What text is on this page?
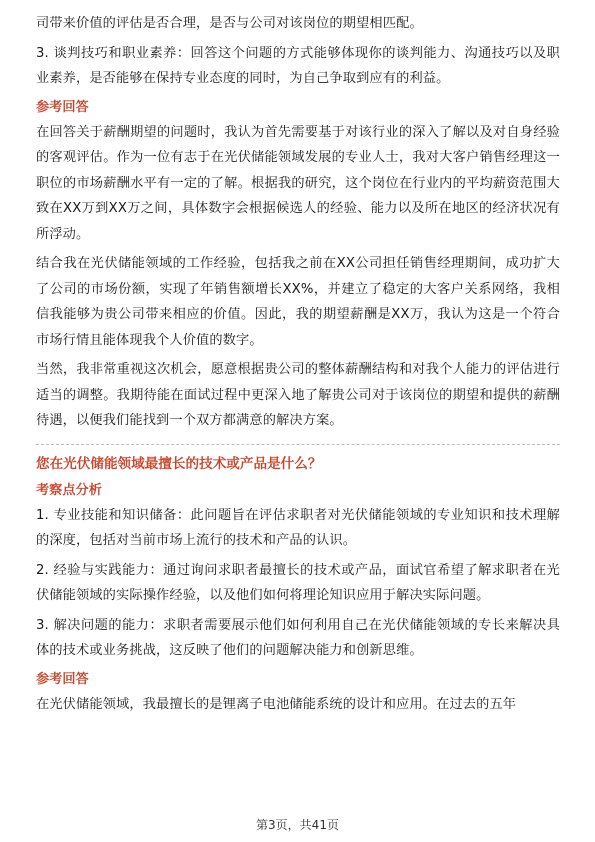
司带来价值的评估是否合理，是否与公司对该岗位的期望相匹配。

3. 谈判技巧和职业素养：回答这个问题的方式能够体现你的谈判能力、沟通技巧以及职业素养，是否能够在保持专业态度的同时，为自己争取到应有的利益。

参考回答

在回答关于薪酬期望的问题时，我认为首先需要基于对该行业的深入了解以及对自身经验的客观评估。作为一位有志于在光伏储能领域发展的专业人士，我对大客户销售经理这一职位的市场薪酬水平有一定的了解。根据我的研究，这个岗位在行业内的平均薪资范围大致在XX万到XX万之间，具体数字会根据候选人的经验、能力以及所在地区的经济状况有所浮动。

结合我在光伏储能领域的工作经验，包括我之前在XX公司担任销售经理期间，成功扩大了公司的市场份额，实现了年销售额增长XX%，并建立了稳定的大客户关系网络，我相信我能够为贵公司带来相应的价值。因此，我的期望薪酬是XX万，我认为这是一个符合市场行情且能体现我个人价值的数字。

当然，我非常重视这次机会，愿意根据贵公司的整体薪酬结构和对我个人能力的评估进行适当的调整。我期待能在面试过程中更深入地了解贵公司对于该岗位的期望和提供的薪酬待遇，以便我们能找到一个双方都满意的解决方案。

您在光伏储能领域最擅长的技术或产品是什么？
考察点分析

1. 专业技能和知识储备：此问题旨在评估求职者对光伏储能领域的专业知识和技术理解的深度，包括对当前市场上流行的技术和产品的认识。

2. 经验与实践能力：通过询问求职者最擅长的技术或产品，面试官希望了解求职者在光伏储能领域的实际操作经验，以及他们如何将理论知识应用于解决实际问题。

3. 解决问题的能力：求职者需要展示他们如何利用自己在光伏储能领域的专长来解决具体的技术或业务挑战，这反映了他们的问题解决能力和创新思维。

参考回答

在光伏储能领域，我最擅长的是锂离子电池储能系统的设计和应用。在过去的五年

第3页，共41页
